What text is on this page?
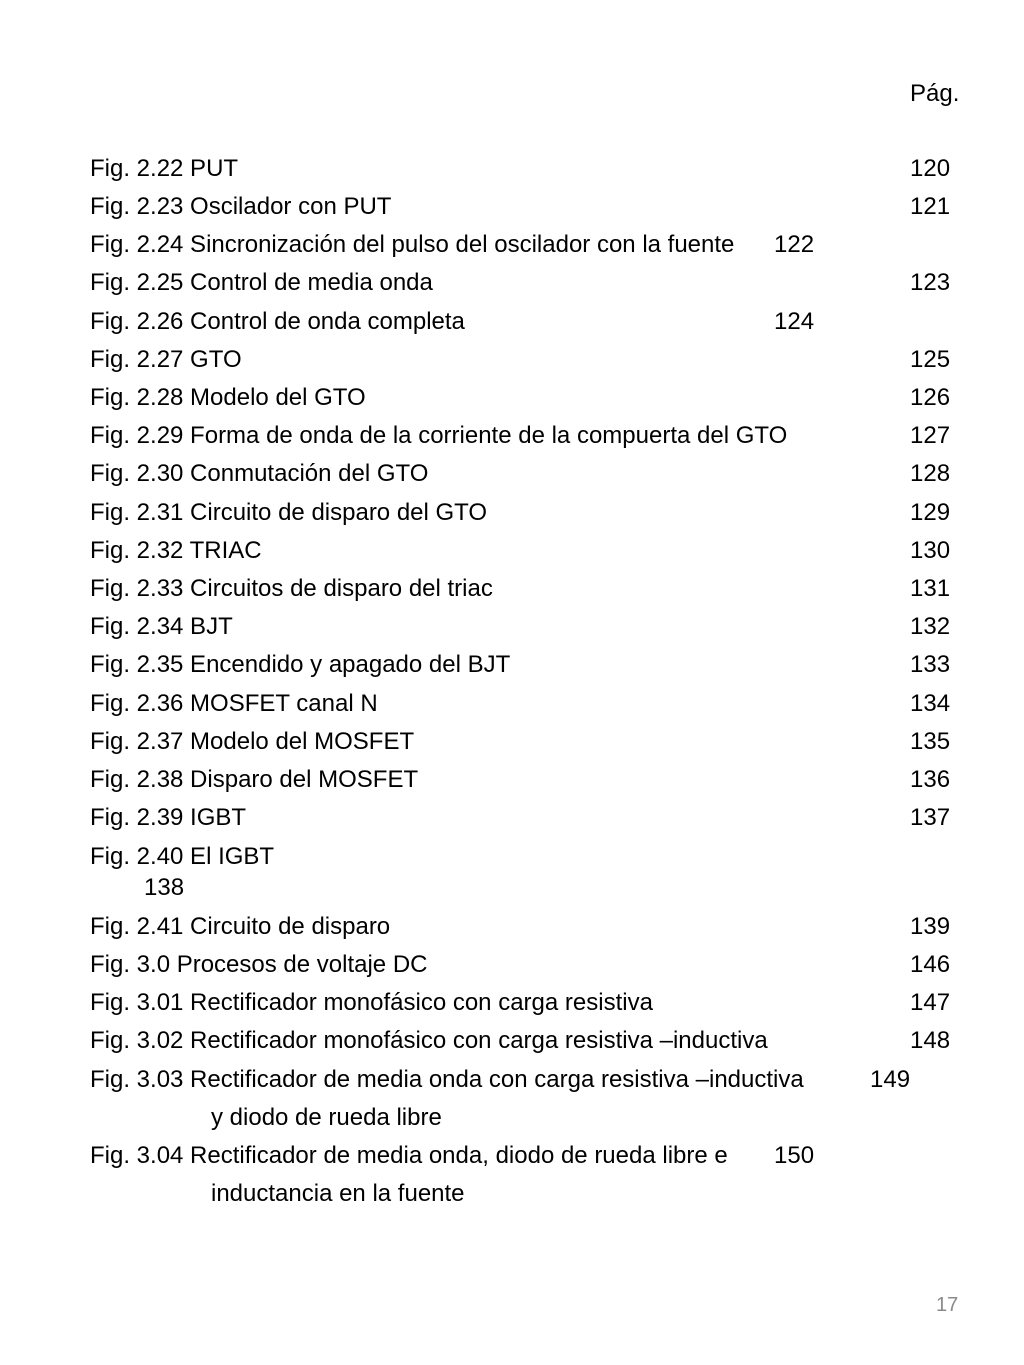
Pág.
Fig. 2.22 PUT	120
Fig. 2.23 Oscilador con PUT	121
Fig. 2.24 Sincronización del pulso del oscilador con la fuente 122
Fig. 2.25 Control de media onda	123
Fig. 2.26 Control de onda completa	124
Fig. 2.27 GTO	125
Fig. 2.28 Modelo del GTO	126
Fig. 2.29 Forma de onda de la corriente de la compuerta del GTO	127
Fig. 2.30 Conmutación del GTO	128
Fig. 2.31 Circuito de disparo del GTO	129
Fig. 2.32 TRIAC	130
Fig. 2.33 Circuitos de disparo del triac	131
Fig. 2.34 BJT	132
Fig. 2.35 Encendido y apagado del BJT	133
Fig. 2.36 MOSFET canal N	134
Fig. 2.37 Modelo del MOSFET	135
Fig. 2.38 Disparo del MOSFET	136
Fig. 2.39 IGBT	137
Fig. 2.40 El IGBT
138
Fig. 2.41 Circuito de disparo	139
Fig. 3.0 Procesos de voltaje DC	146
Fig. 3.01 Rectificador monofásico con carga resistiva	147
Fig. 3.02 Rectificador monofásico con carga resistiva –inductiva	148
Fig. 3.03 Rectificador de media onda con carga resistiva –inductiva	149
y diodo de rueda libre
Fig. 3.04 Rectificador de media onda, diodo de rueda libre e 150
inductancia en la fuente
17
